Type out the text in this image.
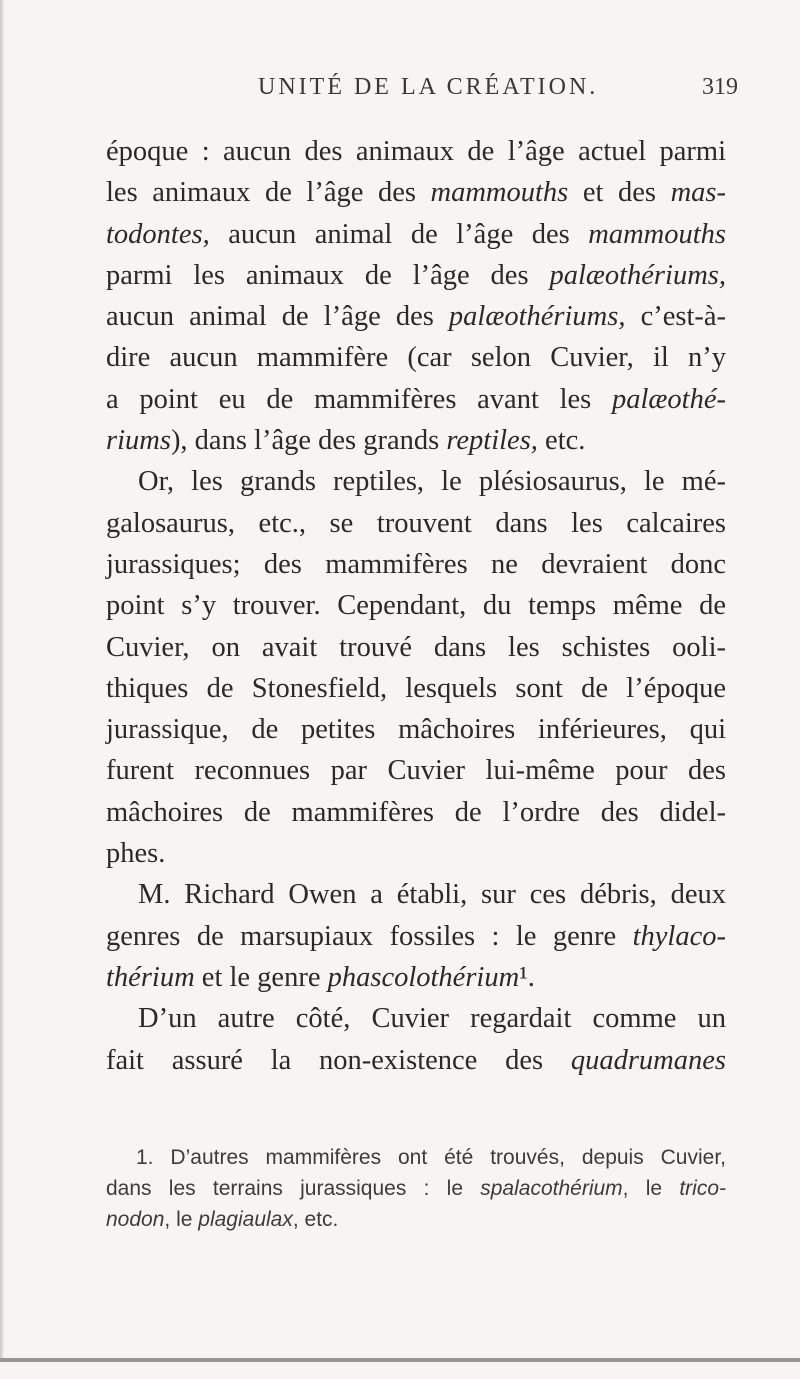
UNITÉ DE LA CRÉATION.	319
époque : aucun des animaux de l’âge actuel parmi
les animaux de l’âge des mammouths et des mas-
todontes, aucun animal de l’âge des mammouths
parmi les animaux de l’âge des palæothériums,
aucun animal de l’âge des palæothériums, c’est-à-
dire aucun mammifère (car selon Cuvier, il n’y
a point eu de mammifères avant les palæothé-
riums), dans l’âge des grands reptiles, etc.
Or, les grands reptiles, le plésiosaurus, le mé-
galosaurus, etc., se trouvent dans les calcaires
jurassiques; des mammifères ne devraient donc
point s’y trouver. Cependant, du temps même de
Cuvier, on avait trouvé dans les schistes ooli-
thiques de Stonesfield, lesquels sont de l’époque
jurassique, de petites mâchoires inférieures, qui
furent reconnues par Cuvier lui-même pour des
mâchoires de mammifères de l’ordre des didel-
phes.
M. Richard Owen a établi, sur ces débris, deux
genres de marsupiaux fossiles : le genre thylaco-
thérium et le genre phascolothérium¹.
D’un autre côté, Cuvier regardait comme un
fait assuré la non-existence des quadrumanes
1. D’autres mammifères ont été trouvés, depuis Cuvier,
dans les terrains jurassiques : le spalacothérium, le trico-
nodon, le plagiaulax, etc.
